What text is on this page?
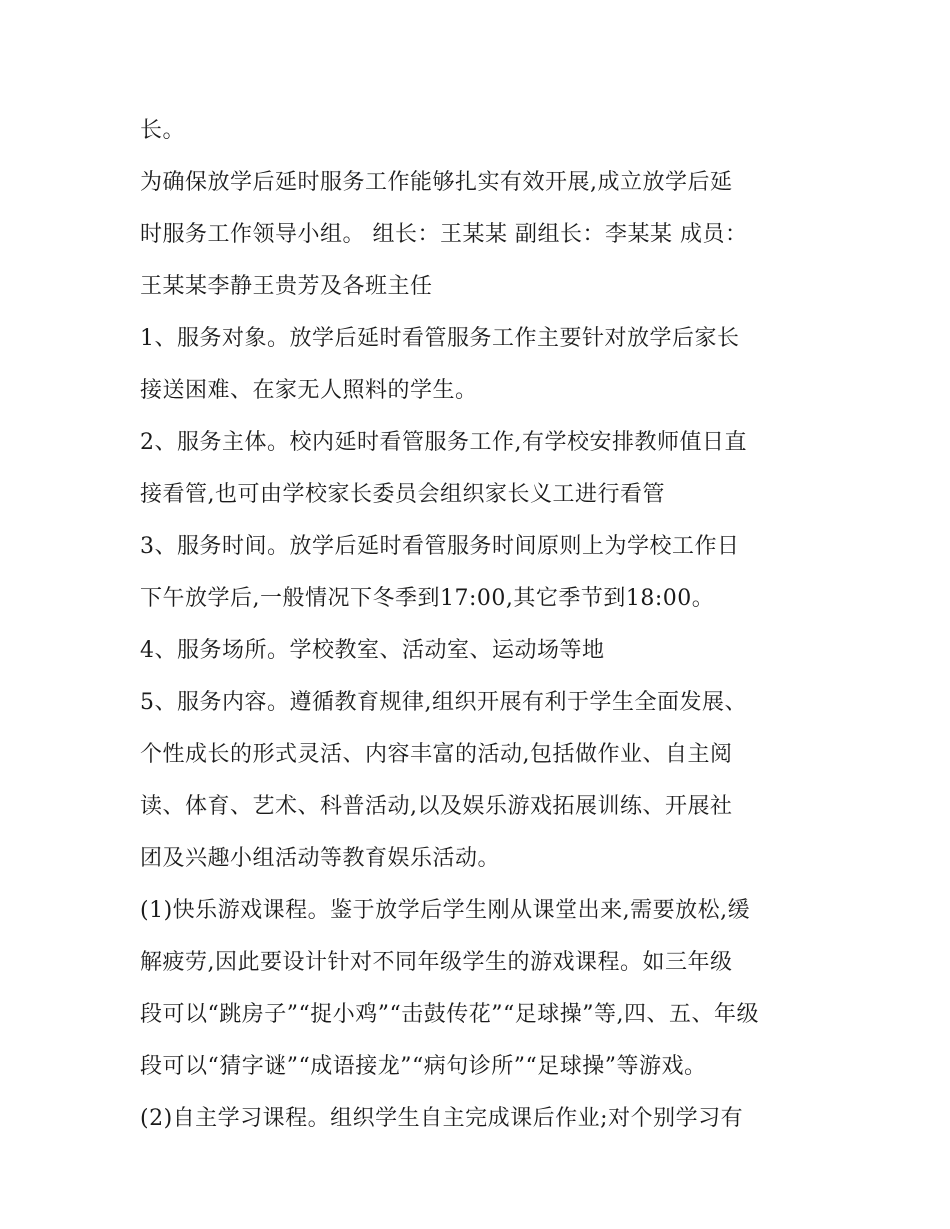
长。

为确保放学后延时服务工作能够扎实有效开展,成立放学后延

时服务工作领导小组。 组长：王某某 副组长：李某某 成员：

王某某李静王贵芳及各班主任

1、服务对象。放学后延时看管服务工作主要针对放学后家长

接送困难、在家无人照料的学生。

2、服务主体。校内延时看管服务工作,有学校安排教师值日直

接看管,也可由学校家长委员会组织家长义工进行看管

3、服务时间。放学后延时看管服务时间原则上为学校工作日

下午放学后,一般情况下冬季到17:00,其它季节到18:00。

4、服务场所。学校教室、活动室、运动场等地

5、服务内容。遵循教育规律,组织开展有利于学生全面发展、

个性成长的形式灵活、内容丰富的活动,包括做作业、自主阅

读、体育、艺术、科普活动,以及娱乐游戏拓展训练、开展社

团及兴趣小组活动等教育娱乐活动。

(1)快乐游戏课程。鉴于放学后学生刚从课堂出来,需要放松,缓

解疲劳,因此要设计针对不同年级学生的游戏课程。如三年级

段可以“跳房子”“捉小鸡”“击鼓传花”“足球操”等,四、五、年级

段可以“猜字谜”“成语接龙”“病句诊所”“足球操”等游戏。

(2)自主学习课程。组织学生自主完成课后作业;对个别学习有
